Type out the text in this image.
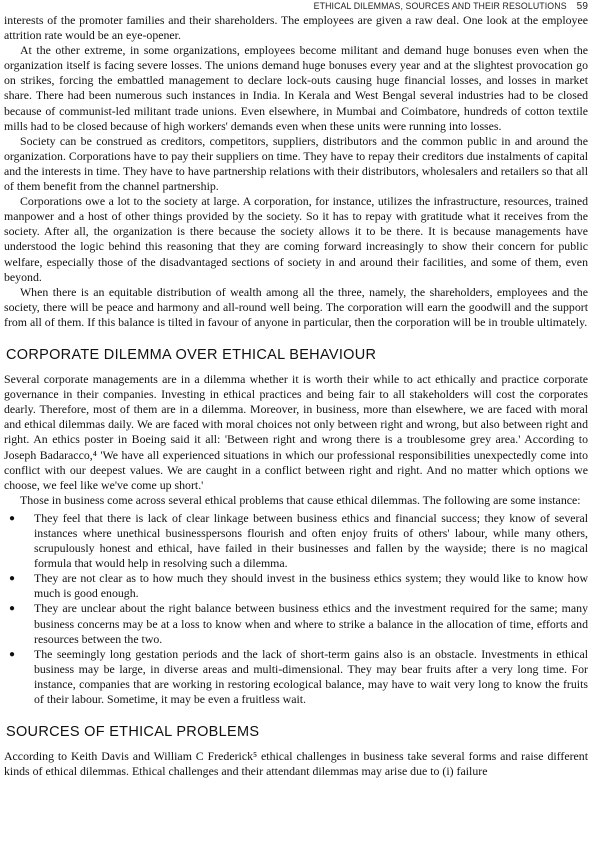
ETHICAL DILEMMAS, SOURCES AND THEIR RESOLUTIONS 59

interests of the promoter families and their shareholders. The employees are given a raw deal. One look at the employee attrition rate would be an eye-opener.

At the other extreme, in some organizations, employees become militant and demand huge bonuses even when the organization itself is facing severe losses. The unions demand huge bonuses every year and at the slightest provocation go on strikes, forcing the embattled management to declare lock-outs causing huge financial losses, and losses in market share. There had been numerous such instances in India. In Kerala and West Bengal several industries had to be closed because of communist-led militant trade unions. Even elsewhere, in Mumbai and Coimbatore, hundreds of cotton textile mills had to be closed because of high workers' demands even when these units were running into losses.

Society can be construed as creditors, competitors, suppliers, distributors and the common public in and around the organization. Corporations have to pay their suppliers on time. They have to repay their creditors due instalments of capital and the interests in time. They have to have partnership relations with their distributors, wholesalers and retailers so that all of them benefit from the channel partnership.

Corporations owe a lot to the society at large. A corporation, for instance, utilizes the infrastructure, resources, trained manpower and a host of other things provided by the society. So it has to repay with gratitude what it receives from the society. After all, the organization is there because the society allows it to be there. It is because managements have understood the logic behind this reasoning that they are coming forward increasingly to show their concern for public welfare, especially those of the disadvantaged sections of society in and around their facilities, and some of them, even beyond.

When there is an equitable distribution of wealth among all the three, namely, the shareholders, employees and the society, there will be peace and harmony and all-round well being. The corporation will earn the goodwill and the support from all of them. If this balance is tilted in favour of anyone in particular, then the corporation will be in trouble ultimately.

CORPORATE DILEMMA OVER ETHICAL BEHAVIOUR

Several corporate managements are in a dilemma whether it is worth their while to act ethically and practice corporate governance in their companies. Investing in ethical practices and being fair to all stakeholders will cost the corporates dearly. Therefore, most of them are in a dilemma. Moreover, in business, more than elsewhere, we are faced with moral and ethical dilemmas daily. We are faced with moral choices not only between right and wrong, but also between right and right. An ethics poster in Boeing said it all: 'Between right and wrong there is a troublesome grey area.' According to Joseph Badaracco,⁴ 'We have all experienced situations in which our professional responsibilities unexpectedly come into conflict with our deepest values. We are caught in a conflict between right and right. And no matter which options we choose, we feel like we've come up short.'

Those in business come across several ethical problems that cause ethical dilemmas. The following are some instance:

● They feel that there is lack of clear linkage between business ethics and financial success; they know of several instances where unethical businesspersons flourish and often enjoy fruits of others' labour, while many others, scrupulously honest and ethical, have failed in their businesses and fallen by the wayside; there is no magical formula that would help in resolving such a dilemma.
● They are not clear as to how much they should invest in the business ethics system; they would like to know how much is good enough.
● They are unclear about the right balance between business ethics and the investment required for the same; many business concerns may be at a loss to know when and where to strike a balance in the allocation of time, efforts and resources between the two.
● The seemingly long gestation periods and the lack of short-term gains also is an obstacle. Investments in ethical business may be large, in diverse areas and multi-dimensional. They may bear fruits after a very long time. For instance, companies that are working in restoring ecological balance, may have to wait very long to know the fruits of their labour. Sometime, it may be even a fruitless wait.
SOURCES OF ETHICAL PROBLEMS

According to Keith Davis and William C Frederick⁵ ethical challenges in business take several forms and raise different kinds of ethical dilemmas. Ethical challenges and their attendant dilemmas may arise due to (i) failure
